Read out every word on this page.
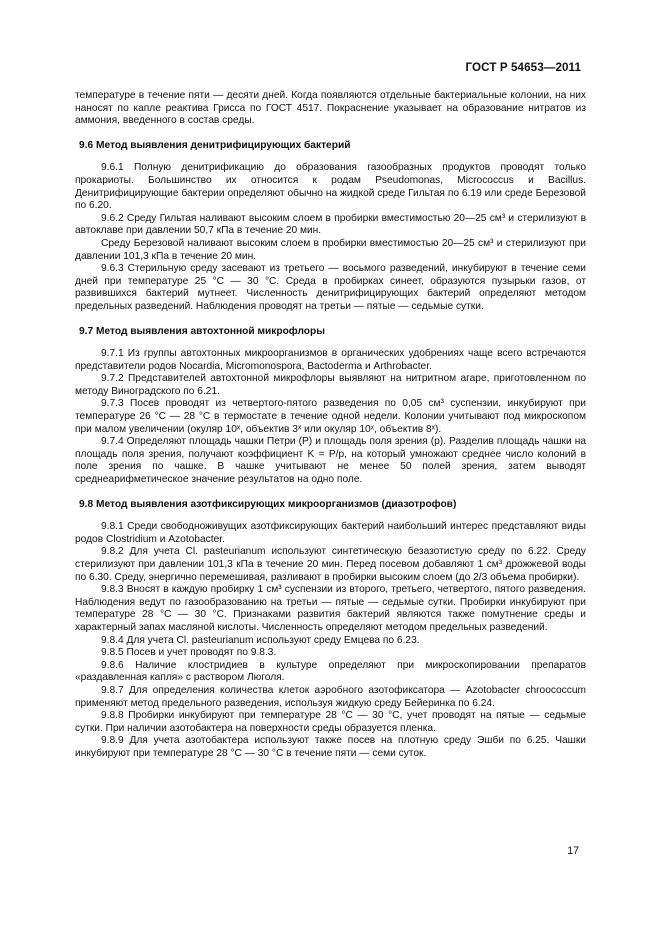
ГОСТ Р 54653—2011

температуре в течение пяти — десяти дней. Когда появляются отдельные бактериальные колонии, на них наносят по капле реактива Грисса по ГОСТ 4517. Покраснение указывает на образование нитратов из аммония, введенного в состав среды.

9.6 Метод выявления денитрифицирующих бактерий

9.6.1 Полную денитрификацию до образования газообразных продуктов проводят только прокариоты. Большинство их относится к родам Pseudomonas, Micrococcus и Bacillus. Денитрифицирующие бактерии определяют обычно на жидкой среде Гильтая по 6.19 или среде Березовой по 6.20.

9.6.2 Среду Гильтая наливают высоким слоем в пробирки вместимостью 20—25 см³ и стерилизуют в автоклаве при давлении 50,7 кПа в течение 20 мин.

Среду Березовой наливают высоким слоем в пробирки вместимостью 20—25 см³ и стерилизуют при давлении 101,3 кПа в течение 20 мин.

9.6.3 Стерильную среду засевают из третьего — восьмого разведений, инкубируют в течение семи дней при температуре 25 °С — 30 °С. Среда в пробирках синеет, образуются пузырьки газов, от развившихся бактерий мутнеет. Численность денитрифицирующих бактерий определяют методом предельных разведений. Наблюдения проводят на третьи — пятые — седьмые сутки.

9.7 Метод выявления автохтонной микрофлоры

9.7.1 Из группы автохтонных микроорганизмов в органических удобрениях чаще всего встречаются представители родов Nocardia, Micromonospora, Bactoderma и Arthrobacter.

9.7.2 Представителей автохтонной микрофлоры выявляют на нитритном агаре, приготовленном по методу Виноградского по 6.21.

9.7.3 Посев проводят из четвертого-пятого разведения по 0,05 см³ суспензии, инкубируют при температуре 26 °С — 28 °С в термостате в течение одной недели. Колонии учитывают под микроскопом при малом увеличении (окуляр 10ˣ, объектив 3ˣ или окуляр 10ˣ, объектив 8ˣ).

9.7.4 Определяют площадь чашки Петри (P) и площадь поля зрения (p). Разделив площадь чашки на площадь поля зрения, получают коэффициент K = P/p, на который умножают среднее число колоний в поле зрения по чашке. В чашке учитывают не менее 50 полей зрения, затем выводят среднеарифметическое значение результатов на одно поле.

9.8 Метод выявления азотфиксирующих микроорганизмов (диазотрофов)

9.8.1 Среди свободноживущих азотфиксирующих бактерий наибольший интерес представляют виды родов Clostridium и Azotobacter.

9.8.2 Для учета Cl. pasteurianum используют синтетическую безазотистую среду по 6.22. Среду стерилизуют при давлении 101,3 кПа в течение 20 мин. Перед посевом добавляют 1 см³ дрожжевой воды по 6.30. Среду, энергично перемешивая, разливают в пробирки высоким слоем (до 2/3 объема пробирки).

9.8.3 Вносят в каждую пробирку 1 см³ суспензии из второго, третьего, четвертого, пятого разведения. Наблюдения ведут по газообразованию на третьи — пятые — седьмые сутки. Пробирки инкубируют при температуре 28 °С — 30 °С. Признаками развития бактерий являются также помутнение среды и характерный запах масляной кислоты. Численность определяют методом предельных разведений.

9.8.4 Для учета Cl. pasteurianum используют среду Емцева по 6.23.

9.8.5 Посев и учет проводят по 9.8.3.

9.8.6 Наличие клостридиев в культуре определяют при микроскопировании препаратов «раздавленная капля» с раствором Люголя.

9.8.7 Для определения количества клеток аэробного азотофиксатора — Azotobacter chroococcum применяют метод предельного разведения, используя жидкую среду Бейеринка по 6.24.

9.8.8 Пробирки инкубируют при температуре 28 °С — 30 °С, учет проводят на пятые — седьмые сутки. При наличии азотобактера на поверхности среды образуется пленка.

9.8.9 Для учета азотобактера используют также посев на плотную среду Эшби по 6.25. Чашки инкубируют при температуре 28 °С — 30 °С в течение пяти — семи суток.

17
